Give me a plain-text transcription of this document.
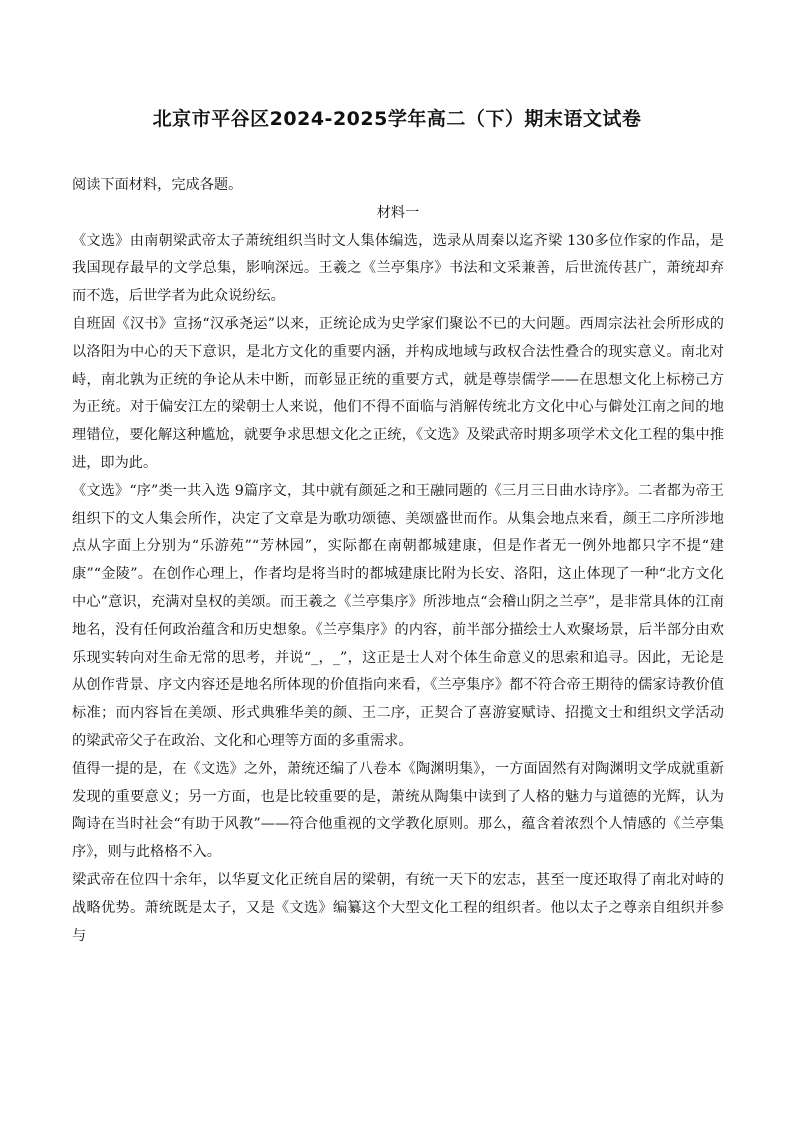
北京市平谷区2024-2025学年高二（下）期末语文试卷

阅读下面材料，完成各题。

材料一

《文选》由南朝梁武帝太子萧统组织当时文人集体编选，选录从周秦以迄齐梁 130多位作家的作品，是我国现存最早的文学总集，影响深远。王羲之《兰亭集序》书法和文采兼善，后世流传甚广，萧统却弃而不选，后世学者为此众说纷纭。

自班固《汉书》宣扬“汉承尧运”以来，正统论成为史学家们聚讼不已的大问题。西周宗法社会所形成的以洛阳为中心的天下意识，是北方文化的重要内涵，并构成地域与政权合法性叠合的现实意义。南北对峙，南北孰为正统的争论从未中断，而彰显正统的重要方式，就是尊崇儒学——在思想文化上标榜己方为正统。对于偏安江左的梁朝士人来说，他们不得不面临与消解传统北方文化中心与僻处江南之间的地理错位，要化解这种尴尬，就要争求思想文化之正统，《文选》及梁武帝时期多项学术文化工程的集中推进，即为此。

《文选》“序”类一共入选 9篇序文，其中就有颜延之和王融同题的《三月三日曲水诗序》。二者都为帝王组织下的文人集会所作，决定了文章是为歌功颂德、美颂盛世而作。从集会地点来看，颜王二序所涉地点从字面上分别为“乐游苑”“芳林园”，实际都在南朝都城建康，但是作者无一例外地都只字不提“建康”“金陵”。在创作心理上，作者均是将当时的都城建康比附为长安、洛阳，这止体现了一种“北方文化中心”意识，充满对皇权的美颂。而王羲之《兰亭集序》所涉地点“会稽山阴之兰亭”，是非常具体的江南地名，没有任何政治蕴含和历史想象。《兰亭集序》的内容，前半部分描绘士人欢聚场景，后半部分由欢乐现实转向对生命无常的思考，并说“_，_”，这正是士人对个体生命意义的思索和追寻。因此，无论是从创作背景、序文内容还是地名所体现的价值指向来看，《兰亭集序》都不符合帝王期待的儒家诗教价值标准；而内容旨在美颂、形式典雅华美的颜、王二序，正契合了喜游宴赋诗、招揽文士和组织文学活动的梁武帝父子在政治、文化和心理等方面的多重需求。

值得一提的是，在《文选》之外，萧统还编了八卷本《陶渊明集》，一方面固然有对陶渊明文学成就重新发现的重要意义；另一方面，也是比较重要的是，萧统从陶集中读到了人格的魅力与道德的光辉，认为陶诗在当时社会“有助于风教”——符合他重视的文学教化原则。那么，蕴含着浓烈个人情感的《兰亭集序》，则与此格格不入。

梁武帝在位四十余年，以华夏文化正统自居的梁朝，有统一天下的宏志，甚至一度还取得了南北对峙的战略优势。萧统既是太子，又是《文选》编纂这个大型文化工程的组织者。他以太子之尊亲自组织并参与
